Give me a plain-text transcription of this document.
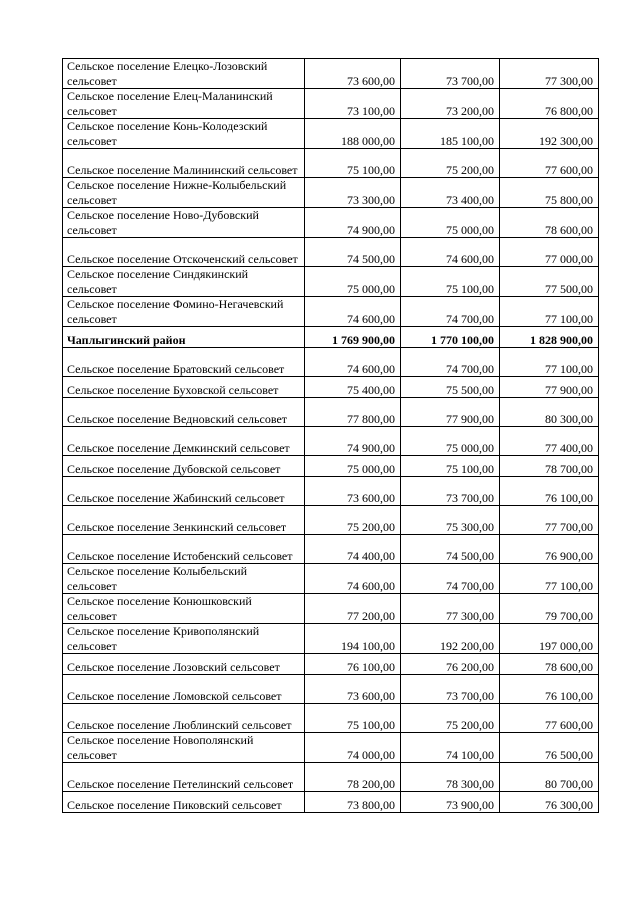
Сельское поселение Елецко-Лозовский сельсовет	73 600,00	73 700,00	77 300,00
Сельское поселение Елец-Маланинский сельсовет	73 100,00	73 200,00	76 800,00
Сельское поселение Конь-Колодезский сельсовет	188 000,00	185 100,00	192 300,00
Сельское поселение Малининский сельсовет	75 100,00	75 200,00	77 600,00
Сельское поселение Нижне-Колыбельский сельсовет	73 300,00	73 400,00	75 800,00
Сельское поселение Ново-Дубовский сельсовет	74 900,00	75 000,00	78 600,00
Сельское поселение Отскоченский сельсовет	74 500,00	74 600,00	77 000,00
Сельское поселение Синдякинский сельсовет	75 000,00	75 100,00	77 500,00
Сельское поселение Фомино-Негачевский сельсовет	74 600,00	74 700,00	77 100,00
Чаплыгинский район	1 769 900,00	1 770 100,00	1 828 900,00
Сельское поселение Братовский сельсовет	74 600,00	74 700,00	77 100,00
Сельское поселение Буховской сельсовет	75 400,00	75 500,00	77 900,00
Сельское поселение Ведновский сельсовет	77 800,00	77 900,00	80 300,00
Сельское поселение Демкинский сельсовет	74 900,00	75 000,00	77 400,00
Сельское поселение Дубовской сельсовет	75 000,00	75 100,00	78 700,00
Сельское поселение Жабинский сельсовет	73 600,00	73 700,00	76 100,00
Сельское поселение Зенкинский сельсовет	75 200,00	75 300,00	77 700,00
Сельское поселение Истобенский сельсовет	74 400,00	74 500,00	76 900,00
Сельское поселение Колыбельский сельсовет	74 600,00	74 700,00	77 100,00
Сельское поселение Конюшковский сельсовет	77 200,00	77 300,00	79 700,00
Сельское поселение Кривополянский сельсовет	194 100,00	192 200,00	197 000,00
Сельское поселение Лозовский сельсовет	76 100,00	76 200,00	78 600,00
Сельское поселение Ломовской сельсовет	73 600,00	73 700,00	76 100,00
Сельское поселение Люблинский сельсовет	75 100,00	75 200,00	77 600,00
Сельское поселение Новополянский сельсовет	74 000,00	74 100,00	76 500,00
Сельское поселение Петелинский сельсовет	78 200,00	78 300,00	80 700,00
Сельское поселение Пиковский сельсовет	73 800,00	73 900,00	76 300,00
